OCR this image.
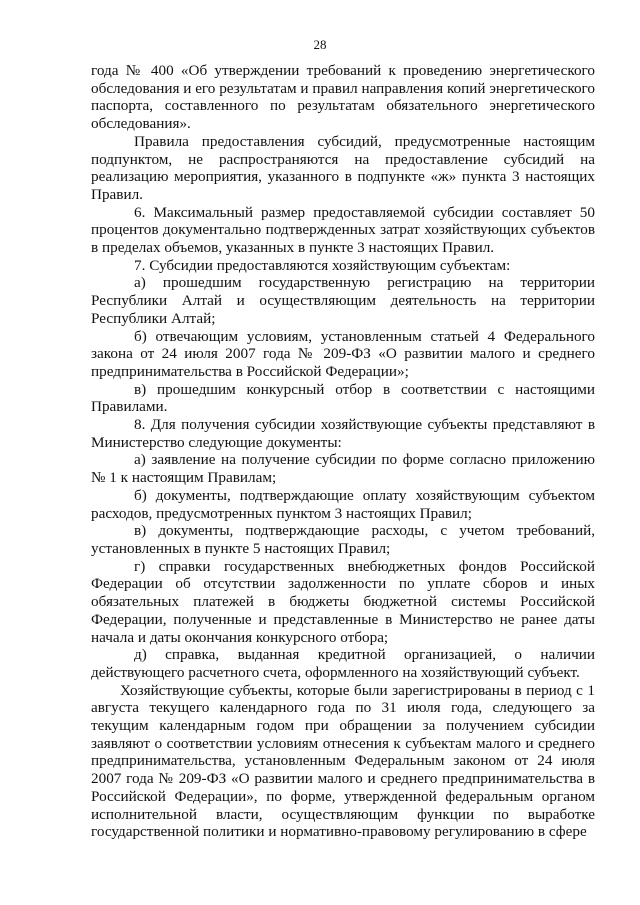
28

года № 400 «Об утверждении требований к проведению энергетического обследования и его результатам и правил направления копий энергетического паспорта, составленного по результатам обязательного энергетического обследования».

Правила предоставления субсидий, предусмотренные настоящим подпунктом, не распространяются на предоставление субсидий на реализацию мероприятия, указанного в подпункте «ж» пункта 3 настоящих Правил.

6. Максимальный размер предоставляемой субсидии составляет 50 процентов документально подтвержденных затрат хозяйствующих субъектов в пределах объемов, указанных в пункте 3 настоящих Правил.

7. Субсидии предоставляются хозяйствующим субъектам:

а) прошедшим государственную регистрацию на территории Республики Алтай и осуществляющим деятельность на территории Республики Алтай;

б) отвечающим условиям, установленным статьей 4 Федерального закона от 24 июля 2007 года № 209-ФЗ «О развитии малого и среднего предпринимательства в Российской Федерации»;

в) прошедшим конкурсный отбор в соответствии с настоящими Правилами.

8. Для получения субсидии хозяйствующие субъекты представляют в Министерство следующие документы:

а) заявление на получение субсидии по форме согласно приложению № 1 к настоящим Правилам;

б) документы, подтверждающие оплату хозяйствующим субъектом расходов, предусмотренных пунктом 3 настоящих Правил;

в) документы, подтверждающие расходы, с учетом требований, установленных в пункте 5 настоящих Правил;

г) справки государственных внебюджетных фондов Российской Федерации об отсутствии задолженности по уплате сборов и иных обязательных платежей в бюджеты бюджетной системы Российской Федерации, полученные и представленные в Министерство не ранее даты начала и даты окончания конкурсного отбора;

д) справка, выданная кредитной организацией, о наличии действующего расчетного счета, оформленного на хозяйствующий субъект.

Хозяйствующие субъекты, которые были зарегистрированы в период с 1 августа текущего календарного года по 31 июля года, следующего за текущим календарным годом при обращении за получением субсидии заявляют о соответствии условиям отнесения к субъектам малого и среднего предпринимательства, установленным Федеральным законом от 24 июля 2007 года № 209-ФЗ «О развитии малого и среднего предпринимательства в Российской Федерации», по форме, утвержденной федеральным органом исполнительной власти, осуществляющим функции по выработке государственной политики и нормативно-правовому регулированию в сфере
